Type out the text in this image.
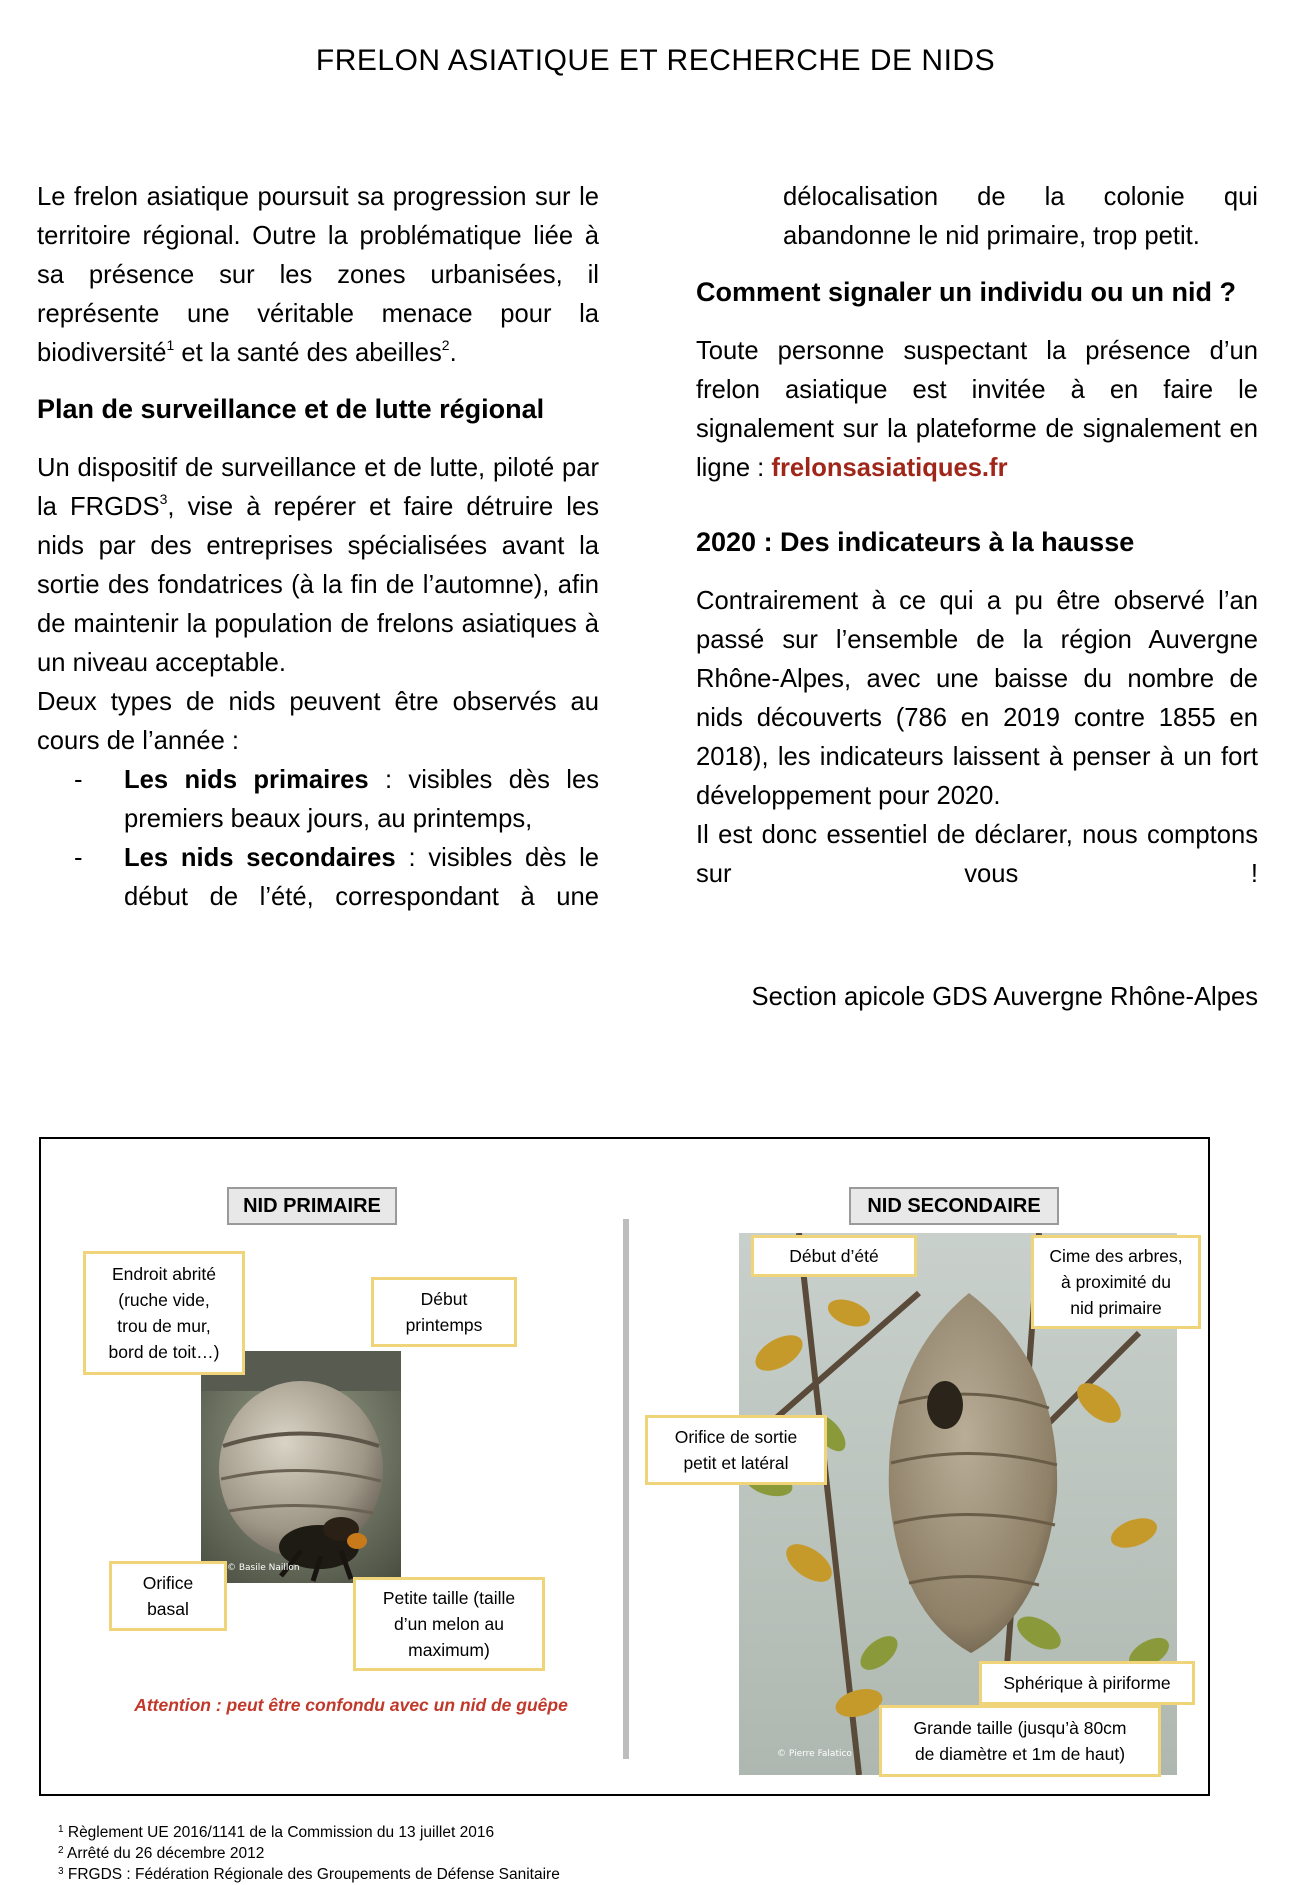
FRELON ASIATIQUE ET RECHERCHE DE NIDS

Le frelon asiatique poursuit sa progression sur le territoire régional. Outre la problématique liée à sa présence sur les zones urbanisées, il représente une véritable menace pour la biodiversité$^1$ et la santé des abeilles$^2$.

Plan de surveillance et de lutte régional

Un dispositif de surveillance et de lutte, piloté par la FRGDS$^3$, vise à repérer et faire détruire les nids par des entreprises spécialisées avant la sortie des fondatrices (à la fin de l’automne), afin de maintenir la population de frelons asiatiques à un niveau acceptable.

Deux types de nids peuvent être observés au cours de l’année :

- Les nids primaires : visibles dès les premiers beaux jours, au printemps,
- Les nids secondaires : visibles dès le début de l’été, correspondant à une

délocalisation de la colonie qui abandonne le nid primaire, trop petit.

Comment signaler un individu ou un nid ?

Toute personne suspectant la présence d’un frelon asiatique est invitée à en faire le signalement sur la plateforme de signalement en ligne : frelonsasiatiques.fr

2020 : Des indicateurs à la hausse

Contrairement à ce qui a pu être observé l’an passé sur l’ensemble de la région Auvergne Rhône-Alpes, avec une baisse du nombre de nids découverts (786 en 2019 contre 1855 en 2018), les indicateurs laissent à penser à un fort développement pour 2020.

Il est donc essentiel de déclarer, nous comptons sur vous !

Section apicole GDS Auvergne Rhône-Alpes
NID PRIMAIRE	NID SECONDAIRE
© Basile Naillon
© Pierre Falatico
Endroit abrité
(ruche vide,
trou de mur,
bord de toit…)
Début
printemps
Orifice
basal
Petite taille (taille
d’un melon au
maximum)
Attention : peut être confondu avec un nid de guêpe
Début d’été	Cime des arbres,
à proximité du
nid primaire
Orifice de sortie
petit et latéral
Sphérique à piriforme
Grande taille (jusqu’à 80cm
de diamètre et 1m de haut)
$^1$ Règlement UE 2016/1141 de la Commission du 13 juillet 2016
$^2$ Arrêté du 26 décembre 2012
$^3$ FRGDS : Fédération Régionale des Groupements de Défense Sanitaire
